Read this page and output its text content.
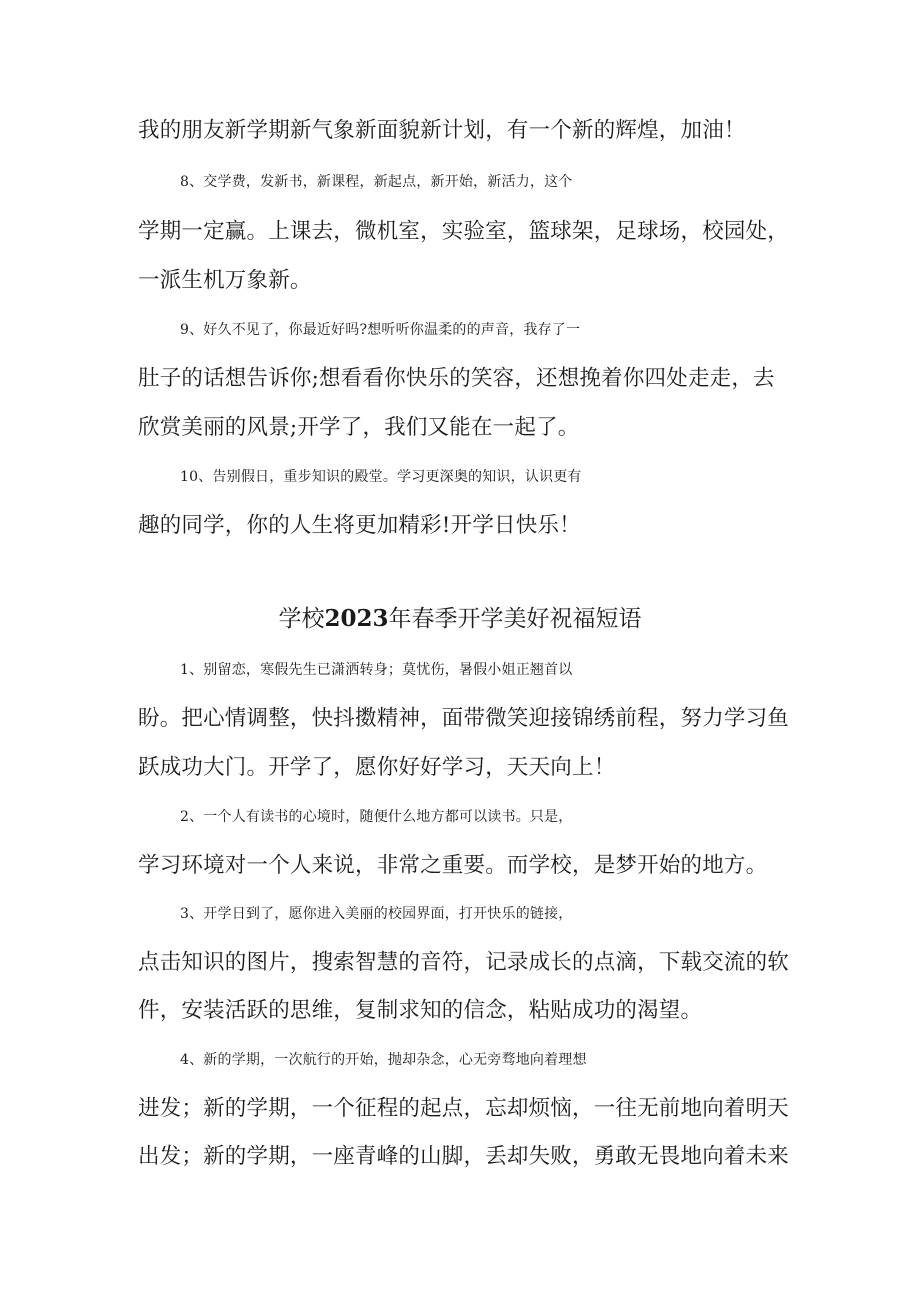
我的朋友新学期新气象新面貌新计划，有一个新的辉煌，加油！
8、交学费，发新书，新课程，新起点，新开始，新活力，这个
学期一定赢。上课去，微机室，实验室，篮球架，足球场，校园处，
一派生机万象新。
9、好久不见了，你最近好吗?想听听你温柔的的声音，我存了一
肚子的话想告诉你;想看看你快乐的笑容，还想挽着你四处走走，去
欣赏美丽的风景;开学了，我们又能在一起了。
10、告别假日，重步知识的殿堂。学习更深奥的知识，认识更有
趣的同学，你的人生将更加精彩!开学日快乐！
学校2023年春季开学美好祝福短语
1、别留恋，寒假先生已潇洒转身；莫忧伤，暑假小姐正翘首以
盼。把心情调整，快抖擞精神，面带微笑迎接锦绣前程，努力学习鱼
跃成功大门。开学了，愿你好好学习，天天向上！
2、一个人有读书的心境时，随便什么地方都可以读书。只是，
学习环境对一个人来说，非常之重要。而学校，是梦开始的地方。
3、开学日到了，愿你进入美丽的校园界面，打开快乐的链接，
点击知识的图片，搜索智慧的音符，记录成长的点滴，下载交流的软
件，安装活跃的思维，复制求知的信念，粘贴成功的渴望。
4、新的学期，一次航行的开始，抛却杂念，心无旁骛地向着理想
进发；新的学期，一个征程的起点，忘却烦恼，一往无前地向着明天
出发；新的学期，一座青峰的山脚，丢却失败，勇敢无畏地向着未来
